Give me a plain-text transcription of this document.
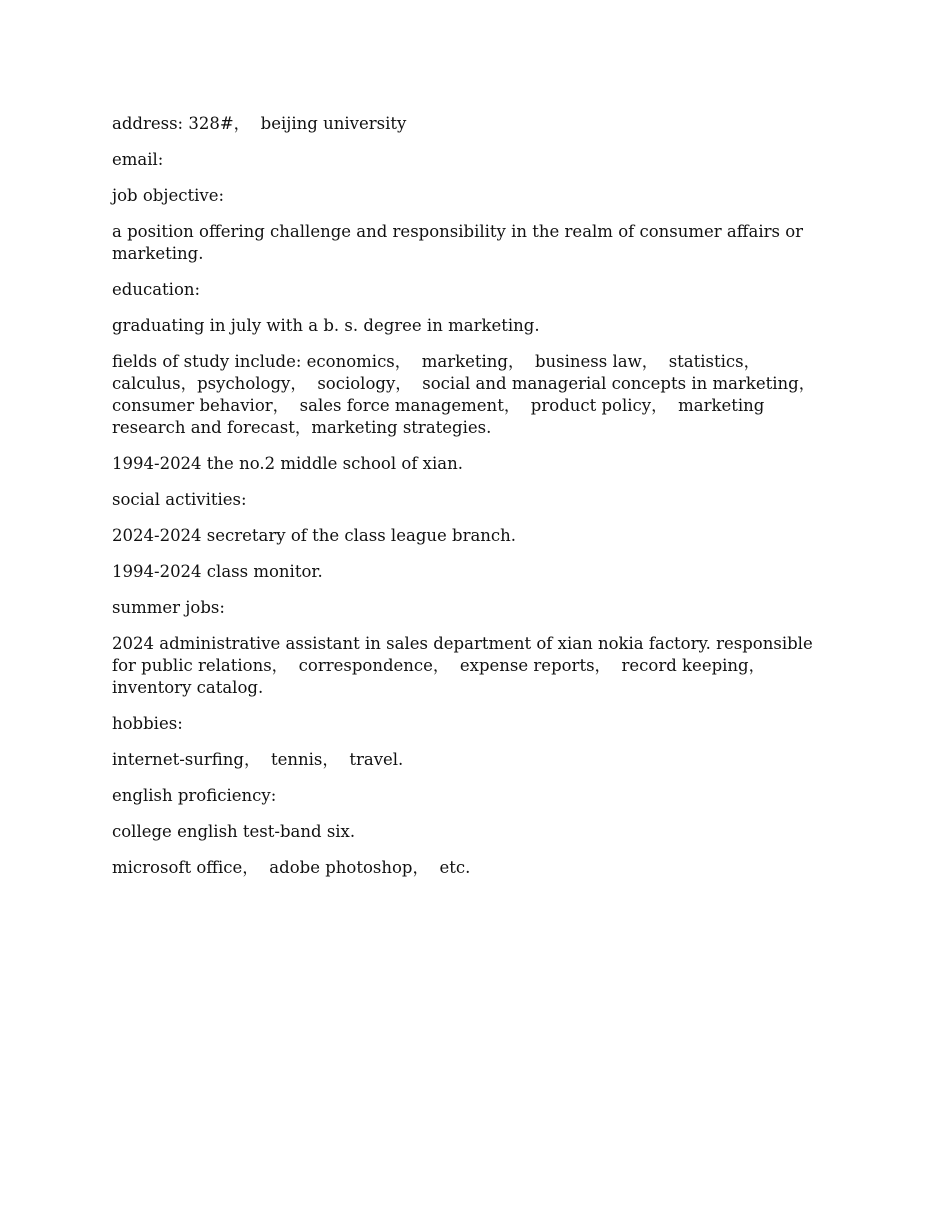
address: 328#，  beijing university

email:

job objective:

a position offering challenge and responsibility in the realm of consumer affairs or marketing.

education:

graduating in july with a b. s. degree in marketing.

fields of study include: economics，  marketing，  business law，  statistics，  calculus，psychology，  sociology，  social and managerial concepts in marketing，  consumer behavior，  sales force management，  product policy，  marketing research and forecast，marketing strategies.

1994-2024 the no.2 middle school of xian.

social activities:

2024-2024 secretary of the class league branch.

1994-2024 class monitor.

summer jobs:

2024 administrative assistant in sales department of xian nokia factory. responsible for public relations，  correspondence，  expense reports，  record keeping，  inventory catalog.

hobbies:

internet-surfing，  tennis，  travel.

english proficiency:

college english test-band six.

microsoft office，  adobe photoshop，  etc.
